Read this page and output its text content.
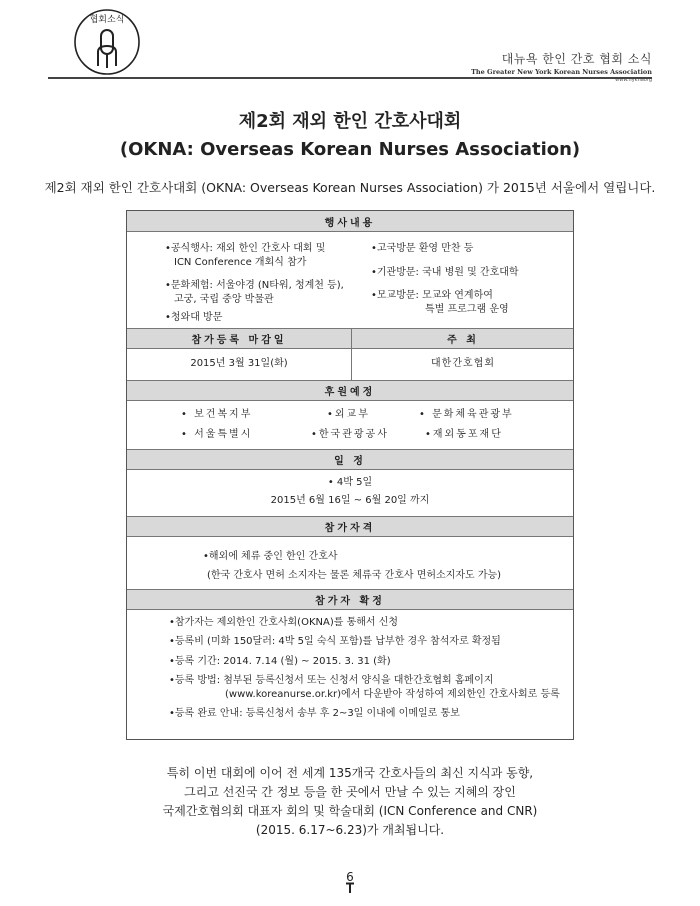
협회소식
대뉴욕 한인 간호 협회 소식
The Greater New York Korean Nurses Association
www.nyknaorg
제2회 재외 한인 간호사대회
(OKNA: Overseas Korean Nurses Association)
제2회 재외 한인 간호사대회 (OKNA: Overseas Korean Nurses Association) 가 2015년 서울에서 열립니다.
행사내용
•공식행사: 재외 한인 간호사 대회 및
ICN Conference 개회식 참가
•문화체험: 서울야경 (N타워, 청계천 등),
고궁, 국립 중앙 박물관
•청와대 방문
•고국방문 환영 만찬 등
•기관방문: 국내 병원 및 간호대학
•모교방문: 모교와 연계하여
특별 프로그램 운영
참가등록 마감일	주 최
2015년 3월 31일(화)	대한간호협회
후원예정
• 보건복지부	•외교부	• 문화체육관광부
• 서울특별시	•한국관광공사	•재외동포재단
일 정
• 4박 5일
2015년 6월 16일 ~ 6월 20일 까지
참가자격
•해외에 체류 중인 한인 간호사
(한국 간호사 면허 소지자는 물론 체류국 간호사 면허소지자도 가능)
참가자 확정
•참가자는 제외한인 간호사회(OKNA)를 통해서 신청
•등록비 (미화 150달러: 4박 5일 숙식 포함)를 납부한 경우 참석자로 확정됨
•등록 기간: 2014. 7.14 (월) ~ 2015. 3. 31 (화)
•등록 방법: 첨부된 등록신청서 또는 신청서 양식을 대한간호협회 홈페이지
(www.koreanurse.or.kr)에서 다운받아 작성하여 제외한인 간호사회로 등록
•등록 완료 안내: 등록신청서 송부 후 2~3일 이내에 이메일로 통보
특히 이번 대회에 이어 전 세계 135개국 간호사들의 최신 지식과 동향,
그리고 선진국 간 정보 등을 한 곳에서 만날 수 있는 지혜의 장인
국제간호협의회 대표자 회의 및 학술대회 (ICN Conference and CNR)
(2015. 6.17~6.23)가 개최됩니다.
6
